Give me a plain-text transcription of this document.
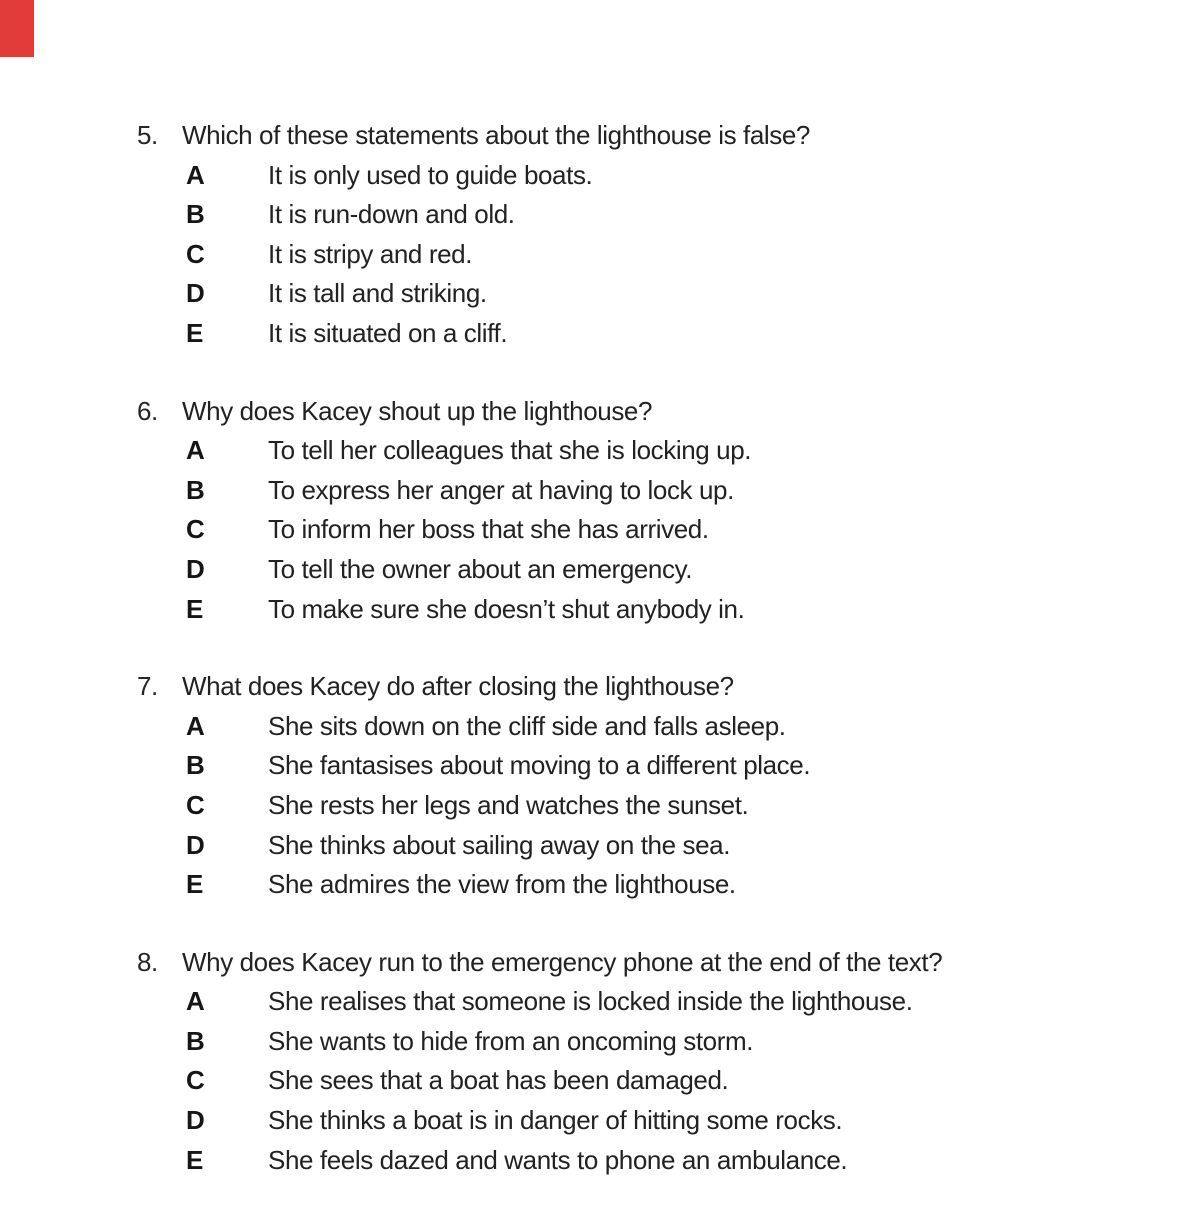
5. Which of these statements about the lighthouse is false?
A	It is only used to guide boats.
B	It is run-down and old.
C	It is stripy and red.
D	It is tall and striking.
E	It is situated on a cliff.
6. Why does Kacey shout up the lighthouse?
A	To tell her colleagues that she is locking up.
B	To express her anger at having to lock up.
C	To inform her boss that she has arrived.
D	To tell the owner about an emergency.
E	To make sure she doesn’t shut anybody in.
7. What does Kacey do after closing the lighthouse?
A	She sits down on the cliff side and falls asleep.
B	She fantasises about moving to a different place.
C	She rests her legs and watches the sunset.
D	She thinks about sailing away on the sea.
E	She admires the view from the lighthouse.
8. Why does Kacey run to the emergency phone at the end of the text?
A	She realises that someone is locked inside the lighthouse.
B	She wants to hide from an oncoming storm.
C	She sees that a boat has been damaged.
D	She thinks a boat is in danger of hitting some rocks.
E	She feels dazed and wants to phone an ambulance.
